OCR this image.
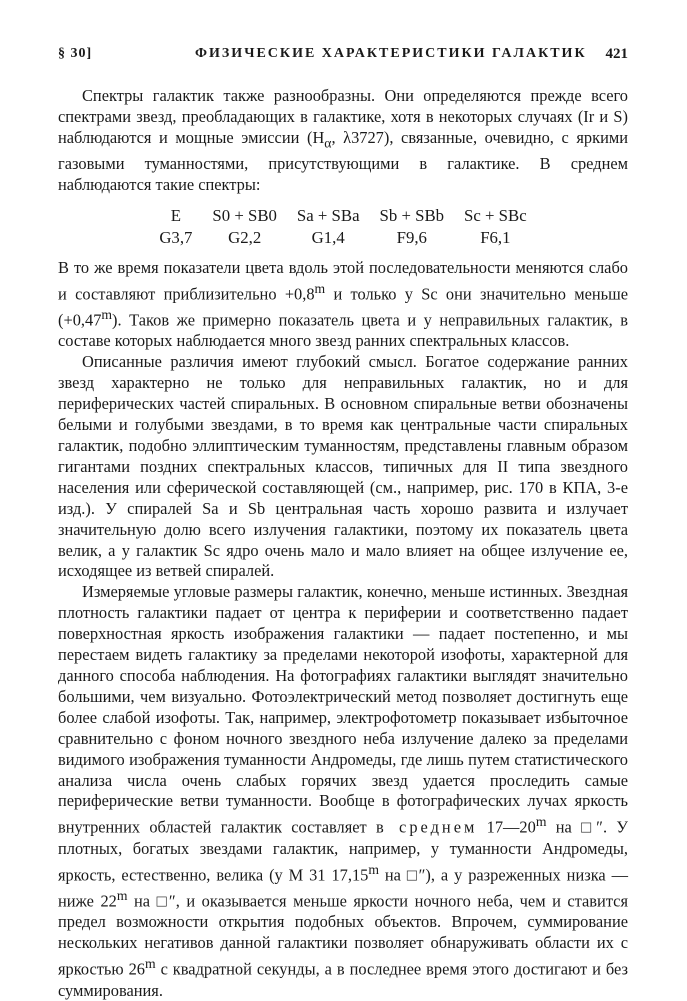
§ 30]	ФИЗИЧЕСКИЕ ХАРАКТЕРИСТИКИ ГАЛАКТИК 421

Спектры галактик также разнообразны. Они определяются прежде всего спектрами звезд, преобладающих в галактике, хотя в некоторых случаях (Ir и S) наблюдаются и мощные эмиссии ($H_\alpha$, λ3727), связанные, очевидно, с яркими газовыми туманностями, присутствующими в галактике. В среднем наблюдаются такие спектры:

E	S0 + SB0	Sa + SBa	Sb + SBb	Sc + SBc
G3,7	G2,2	G1,4	F9,6	F6,1

В то же время показатели цвета вдоль этой последовательности меняются слабо и составляют приблизительно $+0,8^m$ и только у Sc они значительно меньше $(+0,47^m)$. Таков же примерно показатель цвета и у неправильных галактик, в составе которых наблюдается много звезд ранних спектральных классов.

Описанные различия имеют глубокий смысл. Богатое содержание ранних звезд характерно не только для неправильных галактик, но и для периферических частей спиральных. В основном спиральные ветви обозначены белыми и голубыми звездами, в то время как центральные части спиральных галактик, подобно эллиптическим туманностям, представлены главным образом гигантами поздних спектральных классов, типичных для II типа звездного населения или сферической составляющей (см., например, рис. 170 в КПА, 3-е изд.). У спиралей Sa и Sb центральная часть хорошо развита и излучает значительную долю всего излучения галактики, поэтому их показатель цвета велик, а у галактик Sc ядро очень мало и мало влияет на общее излучение ее, исходящее из ветвей спиралей.

Измеряемые угловые размеры галактик, конечно, меньше истинных. Звездная плотность галактики падает от центра к периферии и соответственно падает поверхностная яркость изображения галактики — падает постепенно, и мы перестаем видеть галактику за пределами некоторой изофоты, характерной для данного способа наблюдения. На фотографиях галактики выглядят значительно большими, чем визуально. Фотоэлектрический метод позволяет достигнуть еще более слабой изофоты. Так, например, электрофотометр показывает избыточное сравнительно с фоном ночного звездного неба излучение далеко за пределами видимого изображения туманности Андромеды, где лишь путем статистического анализа числа очень слабых горячих звезд удается проследить самые периферические ветви туманности. Вообще в фотографических лучах яркость внутренних областей галактик составляет в среднем 17—20$^m$ на □″. У плотных, богатых звездами галактик, например, у туманности Андромеды, яркость, естественно, велика (у M 31 17,15$^m$ на □″), а у разреженных низка — ниже 22$^m$ на □″, и оказывается меньше яркости ночного неба, чем и ставится предел возможности открытия подобных объектов. Впрочем, суммирование нескольких негативов данной галактики позволяет обнаруживать области их с яркостью 26$^m$ с квадратной секунды, а в последнее время этого достигают и без суммирования.
